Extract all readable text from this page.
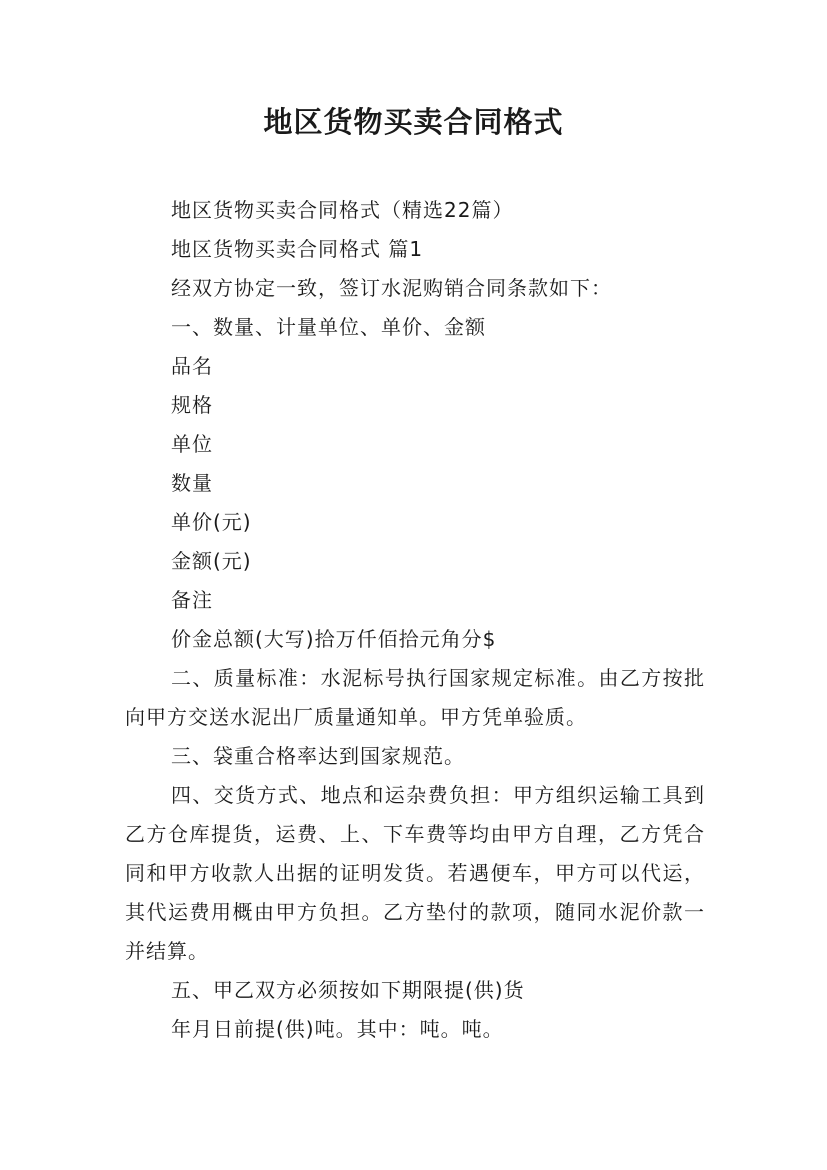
地区货物买卖合同格式

地区货物买卖合同格式（精选22篇）

地区货物买卖合同格式 篇1

经双方协定一致，签订水泥购销合同条款如下：

一、数量、计量单位、单价、金额

品名

规格

单位

数量

单价(元)

金额(元)

备注

价金总额(大写)拾万仟佰拾元角分$

二、质量标准：水泥标号执行国家规定标准。由乙方按批向甲方交送水泥出厂质量通知单。甲方凭单验质。

三、袋重合格率达到国家规范。

四、交货方式、地点和运杂费负担：甲方组织运输工具到乙方仓库提货，运费、上、下车费等均由甲方自理，乙方凭合同和甲方收款人出据的证明发货。若遇便车，甲方可以代运，其代运费用概由甲方负担。乙方垫付的款项，随同水泥价款一并结算。

五、甲乙双方必须按如下期限提(供)货

年月日前提(供)吨。其中：吨。吨。
